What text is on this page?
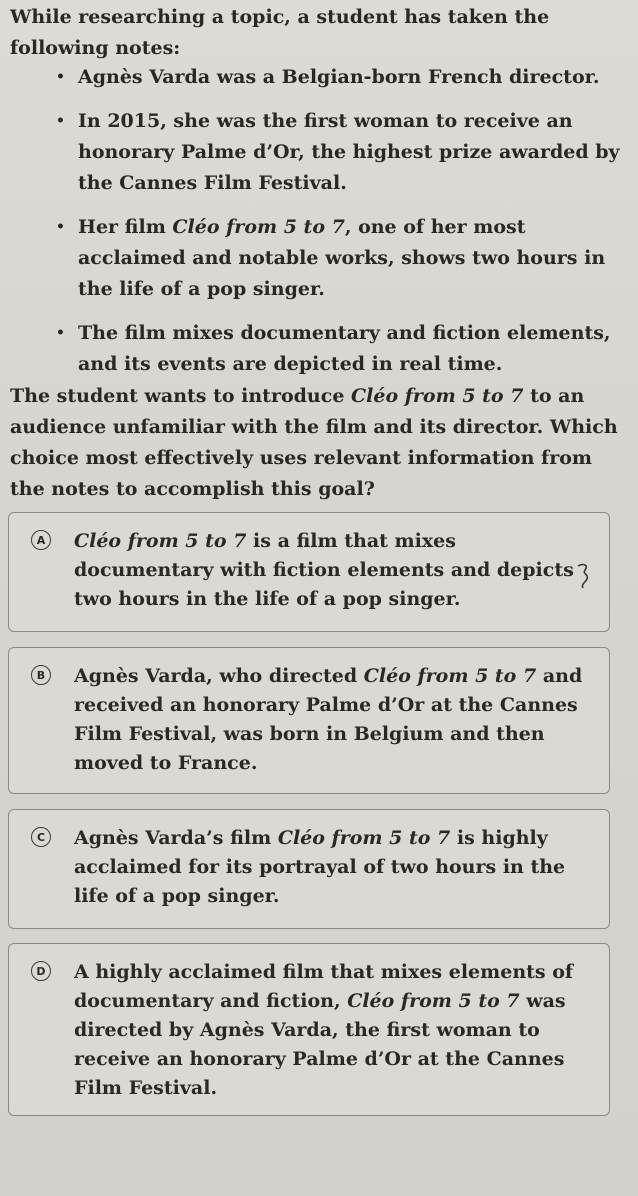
While researching a topic, a student has taken the following notes:
• Agnès Varda was a Belgian-born French director.
• In 2015, she was the first woman to receive an honorary Palme d’Or, the highest prize awarded by the Cannes Film Festival.
• Her film Cléo from 5 to 7, one of her most acclaimed and notable works, shows two hours in the life of a pop singer.
• The film mixes documentary and fiction elements, and its events are depicted in real time.
The student wants to introduce Cléo from 5 to 7 to an audience unfamiliar with the film and its director. Which choice most effectively uses relevant information from the notes to accomplish this goal?
A	Cléo from 5 to 7 is a film that mixes documentary with fiction elements and depicts two hours in the life of a pop singer.
B	Agnès Varda, who directed Cléo from 5 to 7 and received an honorary Palme d’Or at the Cannes Film Festival, was born in Belgium and then moved to France.
C	Agnès Varda’s film Cléo from 5 to 7 is highly acclaimed for its portrayal of two hours in the life of a pop singer.
D A highly acclaimed film that mixes elements of documentary and fiction, Cléo from 5 to 7 was directed by Agnès Varda, the first woman to receive an honorary Palme d’Or at the Cannes Film Festival.
